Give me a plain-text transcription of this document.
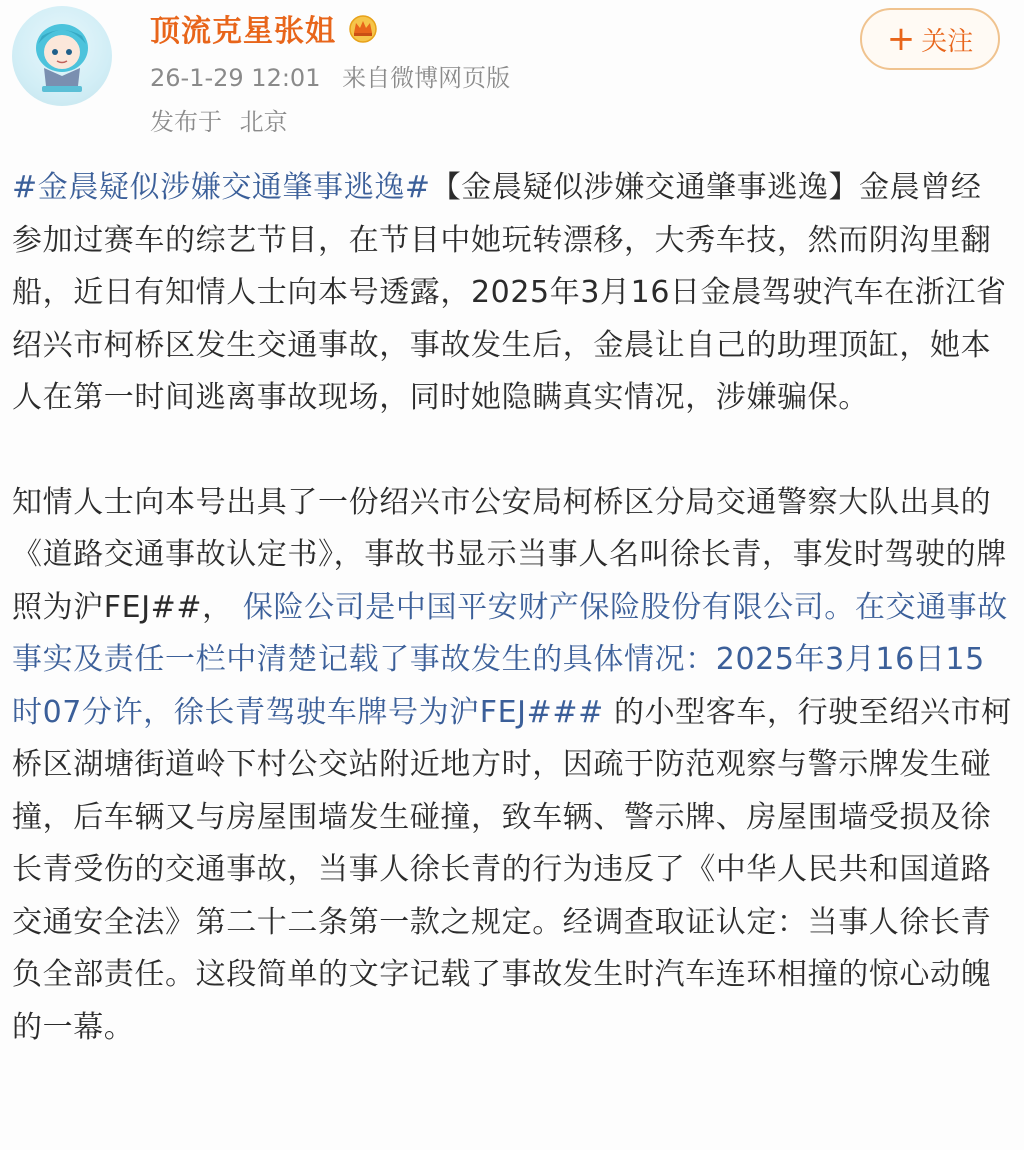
顶流克星张姐
26-1-29 12:01 来自微博网页版
发布于 北京
+ 关注

#金晨疑似涉嫌交通肇事逃逸#【金晨疑似涉嫌交通肇事逃逸】金晨曾经参加过赛车的综艺节目，在节目中她玩转漂移，大秀车技，然而阴沟里翻船，近日有知情人士向本号透露，2025年3月16日金晨驾驶汽车在浙江省绍兴市柯桥区发生交通事故，事故发生后，金晨让自己的助理顶缸，她本人在第一时间逃离事故现场，同时她隐瞒真实情况，涉嫌骗保。

知情人士向本号出具了一份绍兴市公安局柯桥区分局交通警察大队出具的《道路交通事故认定书》，事故书显示当事人名叫徐长青，事发时驾驶的牌照为沪FEJ##， 保险公司是中国平安财产保险股份有限公司。在交通事故事实及责任一栏中清楚记载了事故发生的具体情况：2025年3月16日15时07分许，徐长青驾驶车牌号为沪FEJ### 的小型客车，行驶至绍兴市柯桥区湖塘街道岭下村公交站附近地方时，因疏于防范观察与警示牌发生碰撞，后车辆又与房屋围墙发生碰撞，致车辆、警示牌、房屋围墙受损及徐长青受伤的交通事故，当事人徐长青的行为违反了《中华人民共和国道路交通安全法》第二十二条第一款之规定。经调查取证认定：当事人徐长青负全部责任。这段简单的文字记载了事故发生时汽车连环相撞的惊心动魄的一幕。
